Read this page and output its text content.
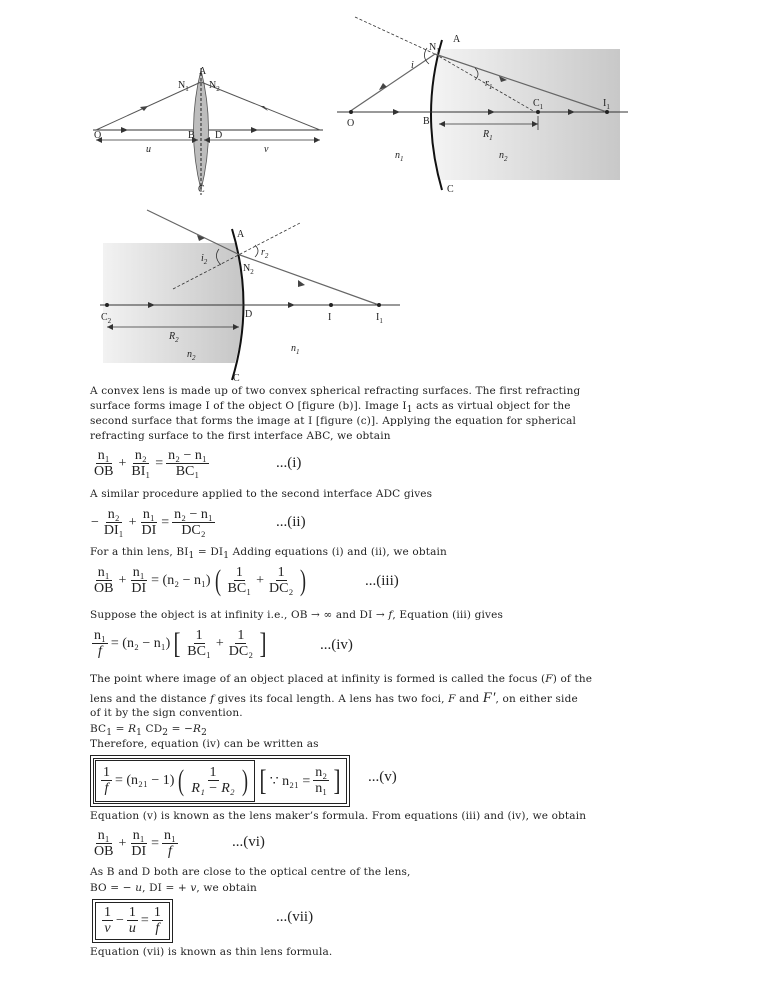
A
$N_1$ $N_2$
O	B D
C
u	v
A
$N_1$
i
$r_1$
$C_1$	$I_1$
O	B
$R_1$
$n_1$	$n_2$
C
A
$i_2$
$r_2$
$N_2$
$C_2$
D	I	$I_1$
$R_2$
$n_2$
$n_1$
C
A convex lens is made up of two convex spherical refracting surfaces. The first refracting
surface forms image I of the object O [figure (b)]. Image $I_1$ acts as virtual object for the
second surface that forms the image at I [figure (c)]. Applying the equation for spherical
refracting surface to the first interface ABC, we obtain
$\frac{\text{n₁}}{OB} + \frac{\text{n₂}}{\text{BI₁}} = \frac{\text{n₂ − n₁}}{\text{BC₁}}$	...(i)
A similar procedure applied to the second interface ADC gives
− $\frac{\text{n₂}}{\text{DI₁}} + \frac{\text{n₁}}{DI} = \frac{\text{n₂ − n₁}}{\text{DC₂}}$	...(ii)
For a thin lens, $BI_1 = DI_1$ Adding equations (i) and (ii), we obtain
$\frac{\text{n₁}}{OB} + \frac{\text{n₁}}{DI} = (n_2 - n_1)$ ( $\frac{1}{\text{BC₁}} + \frac{1}{\text{DC₂}}$ )	...(iii)
Suppose the object is at infinity i.e., OB → ∞ and DI → f, Equation (iii) gives
$\frac{\text{n₁}}{f} = (n_2 - n_1)$ [ $\frac{1}{\text{BC₁}} + \frac{1}{\text{DC₂}}$ ]	...(iv)
The point where image of an object placed at infinity is formed is called the focus (F) of the
lens and the distance f gives its focal length. A lens has two foci, F and F′, on either side
of it by the sign convention.
$BC_1 = R_1$ $CD_2 = -R_2$
Therefore, equation (iv) can be written as
$\frac{1}{f} = (n_{21} - 1)$ ( $\frac{1}{\text{R₁ − R₂}}$ ) [ ∵ $n_{21} = \frac{\text{n₂}}{\text{n₁}}$ ] ...(v)
Equation (v) is known as the lens maker’s formula. From equations (iii) and (iv), we obtain
$\frac{\text{n₁}}{OB} + \frac{\text{n₁}}{DI} = \frac{\text{n₁}}{f}$	...(vi)
As B and D both are close to the optical centre of the lens,
BO = − u, DI = + v, we obtain
$\frac{1}{v} - \frac{1}{u} = \frac{1}{f}$	...(vii)
Equation (vii) is known as thin lens formula.
